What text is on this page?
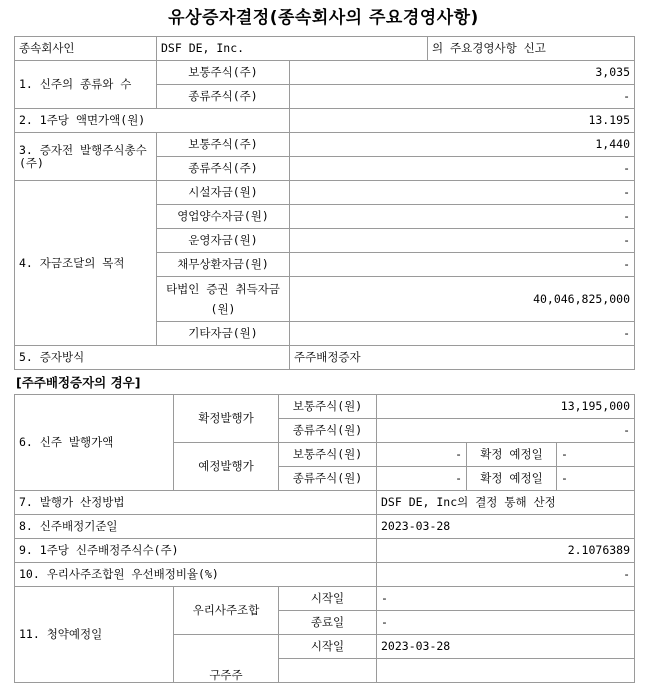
유상증자결정(종속회사의 주요경영사항)
종속회사인	DSF DE, Inc.		의 주요경영사항 신고
1. 신주의 종류와 수	보통주식(주)	3,035	
	종류주식(주)	-	
2. 1주당 액면가액(원)		13.195	
3. 증자전 발행주식총수(주)	보통주식(주)	1,440	
	종류주식(주)	-	
4. 자금조달의 목적	시설자금(원)	-	
	영업양수자금(원)	-	
	운영자금(원)	-	
	채무상환자금(원)	-	
	타법인 증권 취득자금(원)	40,046,825,000	
	기타자금(원)	-	
5. 증자방식		주주배정증자	
[주주배정증자의 경우]
6. 신주 발행가액	확정발행가	보통주식(원)	13,195,000		
		종류주식(원)	-		
	예정발행가	보통주식(원)	-	확정 예정일	-
		종류주식(원)	-	확정 예정일	-
7. 발행가 산정방법			DSF DE, Inc의 결정 통해 산정		
8. 신주배정기준일			2023-03-28		
9. 1주당 신주배정주식수(주)			2.1076389		
10. 우리사주조합원 우선배정비율(%)			-		
11. 청약예정일	우리사주조합	시작일	-		
		종료일	-		
	구주주	시작일	2023-03-28		
